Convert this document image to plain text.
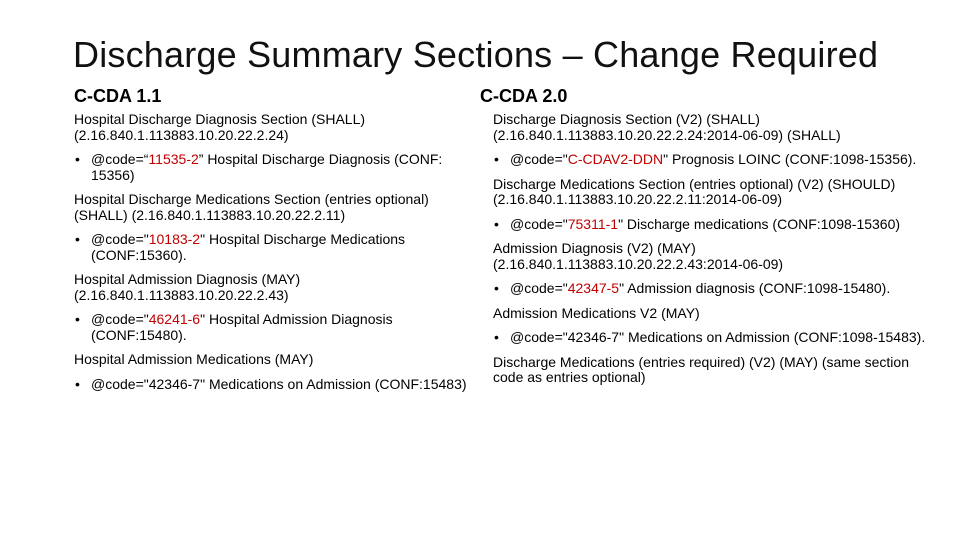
Discharge Summary Sections – Change Required
C-CDA 1.1	C-CDA 2.0
Hospital Discharge Diagnosis Section (SHALL) (2.16.840.1.113883.10.20.22.2.24)
• @code=“11535-2” Hospital Discharge Diagnosis (CONF: 15356)
Hospital Discharge Medications Section (entries optional) (SHALL) (2.16.840.1.113883.10.20.22.2.11)
• @code="10183-2" Hospital Discharge Medications (CONF:15360).
Hospital Admission Diagnosis (MAY) (2.16.840.1.113883.10.20.22.2.43)
• @code="46241-6" Hospital Admission Diagnosis (CONF:15480).
Hospital Admission Medications (MAY)
• @code="42346-7" Medications on Admission (CONF:15483)
Discharge Diagnosis Section (V2) (SHALL) (2.16.840.1.113883.10.20.22.2.24:2014-06-09) (SHALL)
• @code="C-CDAV2-DDN" Prognosis LOINC (CONF:1098-15356).
Discharge Medications Section (entries optional) (V2) (SHOULD) (2.16.840.1.113883.10.20.22.2.11:2014-06-09)
• @code="75311-1" Discharge medications (CONF:1098-15360)
Admission Diagnosis (V2) (MAY) (2.16.840.1.113883.10.20.22.2.43:2014-06-09)
• @code="42347-5" Admission diagnosis (CONF:1098-15480).
Admission Medications V2 (MAY)
• @code="42346-7" Medications on Admission (CONF:1098-15483).
Discharge Medications (entries required) (V2) (MAY) (same section code as entries optional)
